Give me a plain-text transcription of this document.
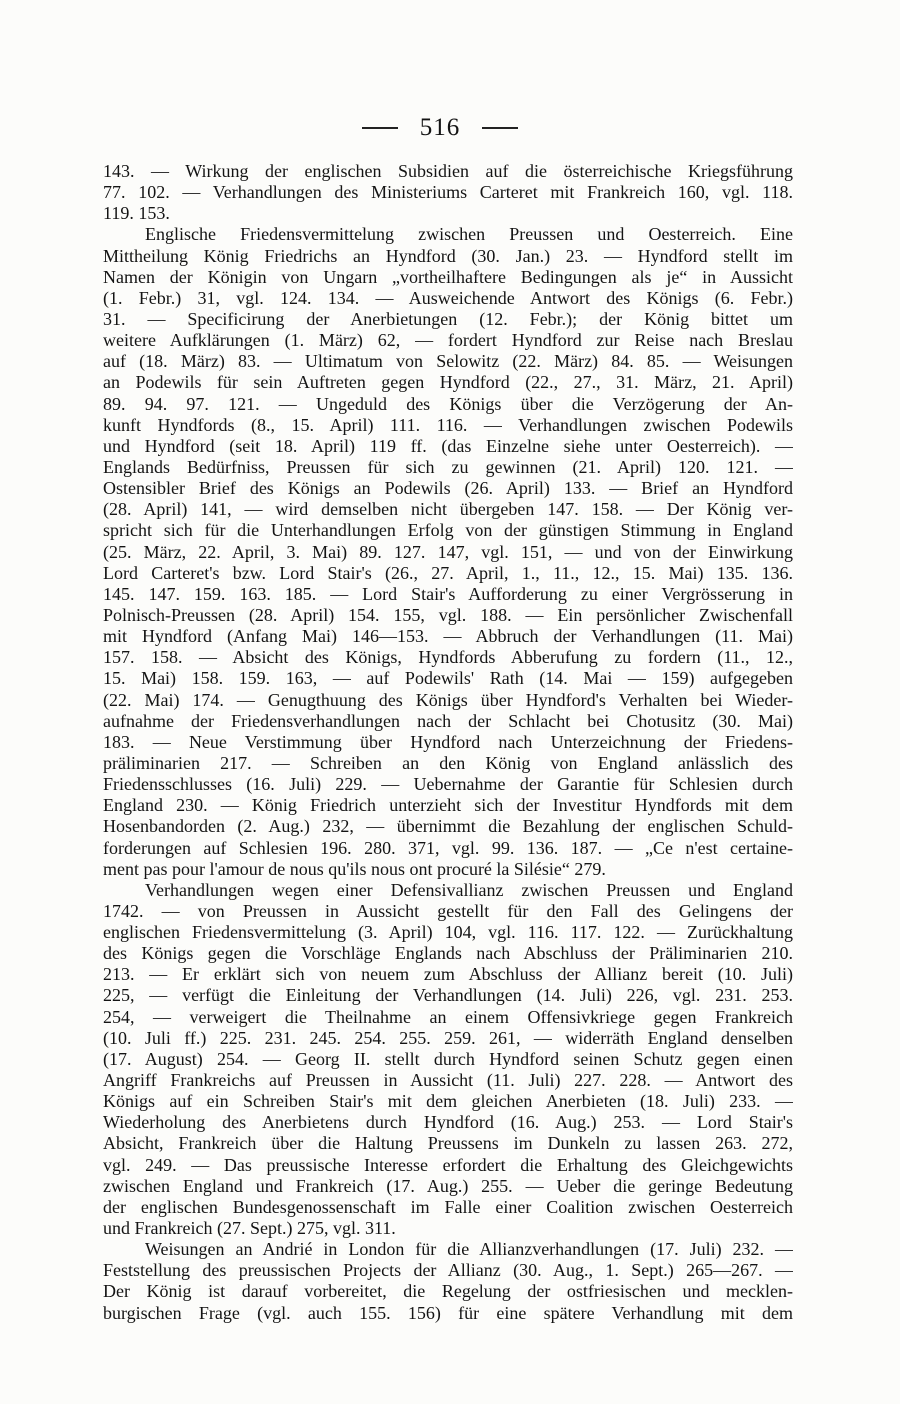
516
143. — Wirkung der englischen Subsidien auf die österreichische Kriegsführung
77. 102. — Verhandlungen des Ministeriums Carteret mit Frankreich 160, vgl. 118.
119. 153.
Englische Friedensvermittelung zwischen Preussen und Oesterreich. Eine
Mittheilung König Friedrichs an Hyndford (30. Jan.) 23. — Hyndford stellt im
Namen der Königin von Ungarn „vortheilhaftere Bedingungen als je“ in Aussicht
(1. Febr.) 31, vgl. 124. 134. — Ausweichende Antwort des Königs (6. Febr.)
31. — Specificirung der Anerbietungen (12. Febr.); der König bittet um
weitere Aufklärungen (1. März) 62, — fordert Hyndford zur Reise nach Breslau
auf (18. März) 83. — Ultimatum von Selowitz (22. März) 84. 85. — Weisungen
an Podewils für sein Auftreten gegen Hyndford (22., 27., 31. März, 21. April)
89. 94. 97. 121. — Ungeduld des Königs über die Verzögerung der An-
kunft Hyndfords (8., 15. April) 111. 116. — Verhandlungen zwischen Podewils
und Hyndford (seit 18. April) 119 ff. (das Einzelne siehe unter Oesterreich). —
Englands Bedürfniss, Preussen für sich zu gewinnen (21. April) 120. 121. —
Ostensibler Brief des Königs an Podewils (26. April) 133. — Brief an Hyndford
(28. April) 141, — wird demselben nicht übergeben 147. 158. — Der König ver-
spricht sich für die Unterhandlungen Erfolg von der günstigen Stimmung in England
(25. März, 22. April, 3. Mai) 89. 127. 147, vgl. 151, — und von der Einwirkung
Lord Carteret's bzw. Lord Stair's (26., 27. April, 1., 11., 12., 15. Mai) 135. 136.
145. 147. 159. 163. 185. — Lord Stair's Aufforderung zu einer Vergrösserung in
Polnisch-Preussen (28. April) 154. 155, vgl. 188. — Ein persönlicher Zwischenfall
mit Hyndford (Anfang Mai) 146—153. — Abbruch der Verhandlungen (11. Mai)
157. 158. — Absicht des Königs, Hyndfords Abberufung zu fordern (11., 12.,
15. Mai) 158. 159. 163, — auf Podewils' Rath (14. Mai — 159) aufgegeben
(22. Mai) 174. — Genugthuung des Königs über Hyndford's Verhalten bei Wieder-
aufnahme der Friedensverhandlungen nach der Schlacht bei Chotusitz (30. Mai)
183. — Neue Verstimmung über Hyndford nach Unterzeichnung der Friedens-
präliminarien 217. — Schreiben an den König von England anlässlich des
Friedensschlusses (16. Juli) 229. — Uebernahme der Garantie für Schlesien durch
England 230. — König Friedrich unterzieht sich der Investitur Hyndfords mit dem
Hosenbandorden (2. Aug.) 232, — übernimmt die Bezahlung der englischen Schuld-
forderungen auf Schlesien 196. 280. 371, vgl. 99. 136. 187. — „Ce n'est certaine-
ment pas pour l'amour de nous qu'ils nous ont procuré la Silésie“ 279.
Verhandlungen wegen einer Defensivallianz zwischen Preussen und England
1742. — von Preussen in Aussicht gestellt für den Fall des Gelingens der
englischen Friedensvermittelung (3. April) 104, vgl. 116. 117. 122. — Zurückhaltung
des Königs gegen die Vorschläge Englands nach Abschluss der Präliminarien 210.
213. — Er erklärt sich von neuem zum Abschluss der Allianz bereit (10. Juli)
225, — verfügt die Einleitung der Verhandlungen (14. Juli) 226, vgl. 231. 253.
254, — verweigert die Theilnahme an einem Offensivkriege gegen Frankreich
(10. Juli ff.) 225. 231. 245. 254. 255. 259. 261, — widerräth England denselben
(17. August) 254. — Georg II. stellt durch Hyndford seinen Schutz gegen einen
Angriff Frankreichs auf Preussen in Aussicht (11. Juli) 227. 228. — Antwort des
Königs auf ein Schreiben Stair's mit dem gleichen Anerbieten (18. Juli) 233. —
Wiederholung des Anerbietens durch Hyndford (16. Aug.) 253. — Lord Stair's
Absicht, Frankreich über die Haltung Preussens im Dunkeln zu lassen 263. 272,
vgl. 249. — Das preussische Interesse erfordert die Erhaltung des Gleichgewichts
zwischen England und Frankreich (17. Aug.) 255. — Ueber die geringe Bedeutung
der englischen Bundesgenossenschaft im Falle einer Coalition zwischen Oesterreich
und Frankreich (27. Sept.) 275, vgl. 311.
Weisungen an Andrié in London für die Allianzverhandlungen (17. Juli) 232. —
Feststellung des preussischen Projects der Allianz (30. Aug., 1. Sept.) 265—267. —
Der König ist darauf vorbereitet, die Regelung der ostfriesischen und mecklen-
burgischen Frage (vgl. auch 155. 156) für eine spätere Verhandlung mit dem
